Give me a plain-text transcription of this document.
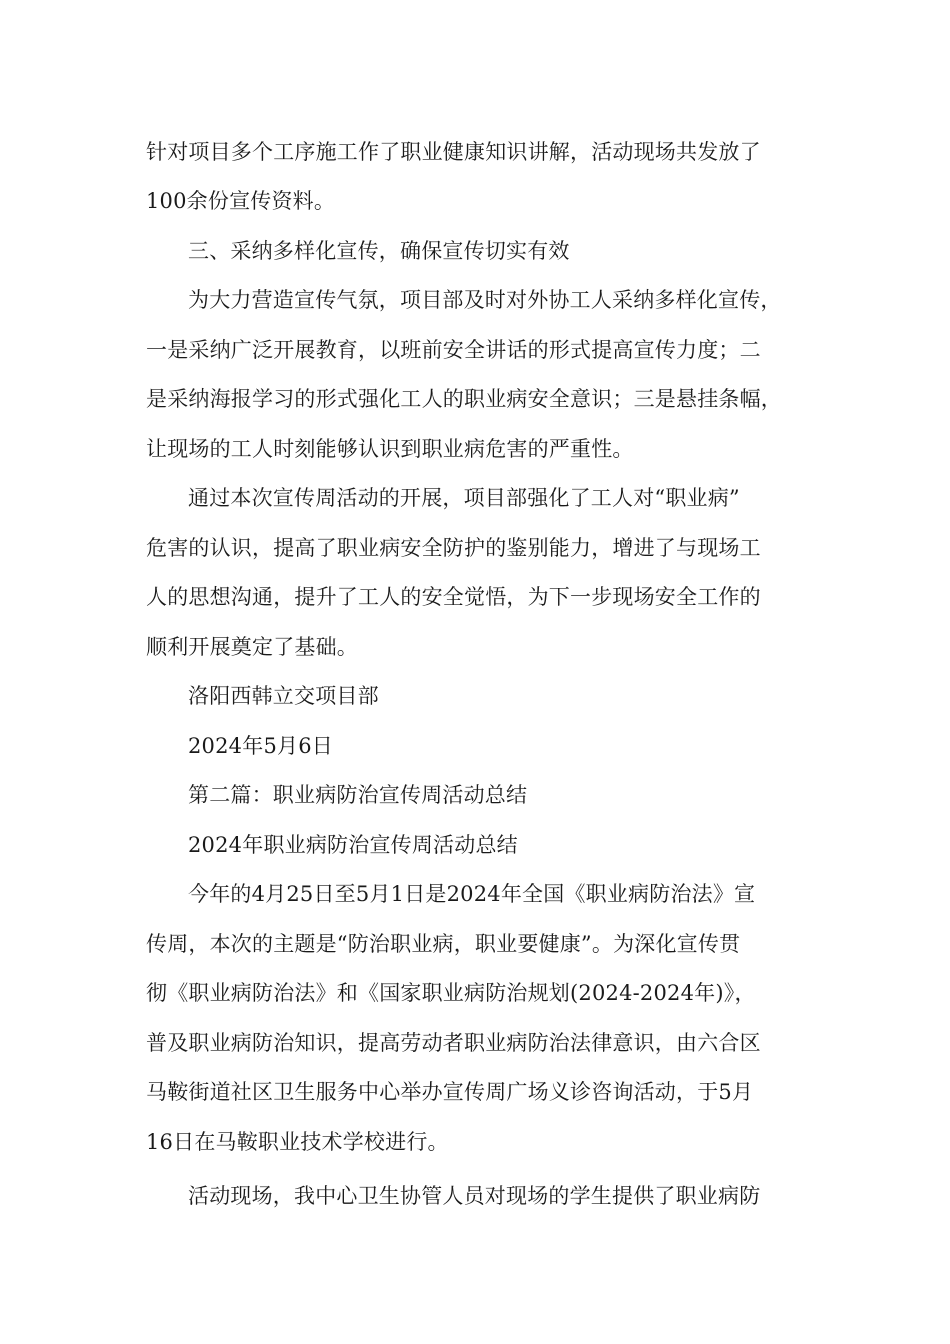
针对项目多个工序施工作了职业健康知识讲解，活动现场共发放了
100余份宣传资料。
三、采纳多样化宣传，确保宣传切实有效
为大力营造宣传气氛，项目部及时对外协工人采纳多样化宣传，
一是采纳广泛开展教育，以班前安全讲话的形式提高宣传力度；二
是采纳海报学习的形式强化工人的职业病安全意识；三是悬挂条幅，
让现场的工人时刻能够认识到职业病危害的严重性。
通过本次宣传周活动的开展，项目部强化了工人对“职业病”
危害的认识，提高了职业病安全防护的鉴别能力，增进了与现场工
人的思想沟通，提升了工人的安全觉悟，为下一步现场安全工作的
顺利开展奠定了基础。
洛阳西韩立交项目部
2024年5月6日
第二篇：职业病防治宣传周活动总结
2024年职业病防治宣传周活动总结
今年的4月25日至5月1日是2024年全国《职业病防治法》宣
传周，本次的主题是“防治职业病，职业要健康”。为深化宣传贯
彻《职业病防治法》和《国家职业病防治规划(2024-2024年)》，
普及职业病防治知识，提高劳动者职业病防治法律意识，由六合区
马鞍街道社区卫生服务中心举办宣传周广场义诊咨询活动，于5月
16日在马鞍职业技术学校进行。
活动现场，我中心卫生协管人员对现场的学生提供了职业病防
